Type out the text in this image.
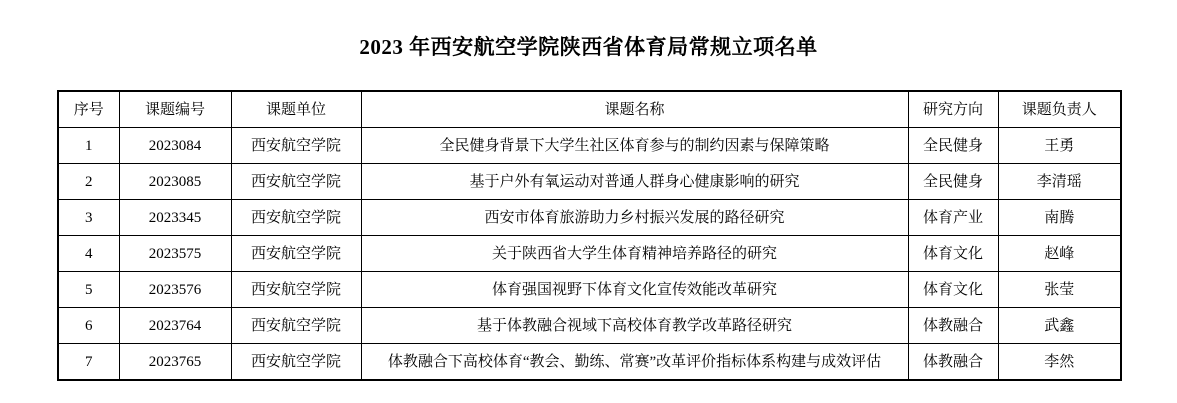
2023 年西安航空学院陕西省体育局常规立项名单
序号	课题编号	课题单位	课题名称	研究方向	课题负责人
1	2023084	西安航空学院	全民健身背景下大学生社区体育参与的制约因素与保障策略	全民健身	王勇
2	2023085	西安航空学院	基于户外有氧运动对普通人群身心健康影响的研究	全民健身	李清瑶
3	2023345	西安航空学院	西安市体育旅游助力乡村振兴发展的路径研究	体育产业	南腾
4	2023575	西安航空学院	关于陕西省大学生体育精神培养路径的研究	体育文化	赵峰
5	2023576	西安航空学院	体育强国视野下体育文化宣传效能改革研究	体育文化	张莹
6	2023764	西安航空学院	基于体教融合视域下高校体育教学改革路径研究	体教融合	武鑫
7	2023765	西安航空学院	体教融合下高校体育“教会、勤练、常赛”改革评价指标体系构建与成效评估	体教融合	李然
